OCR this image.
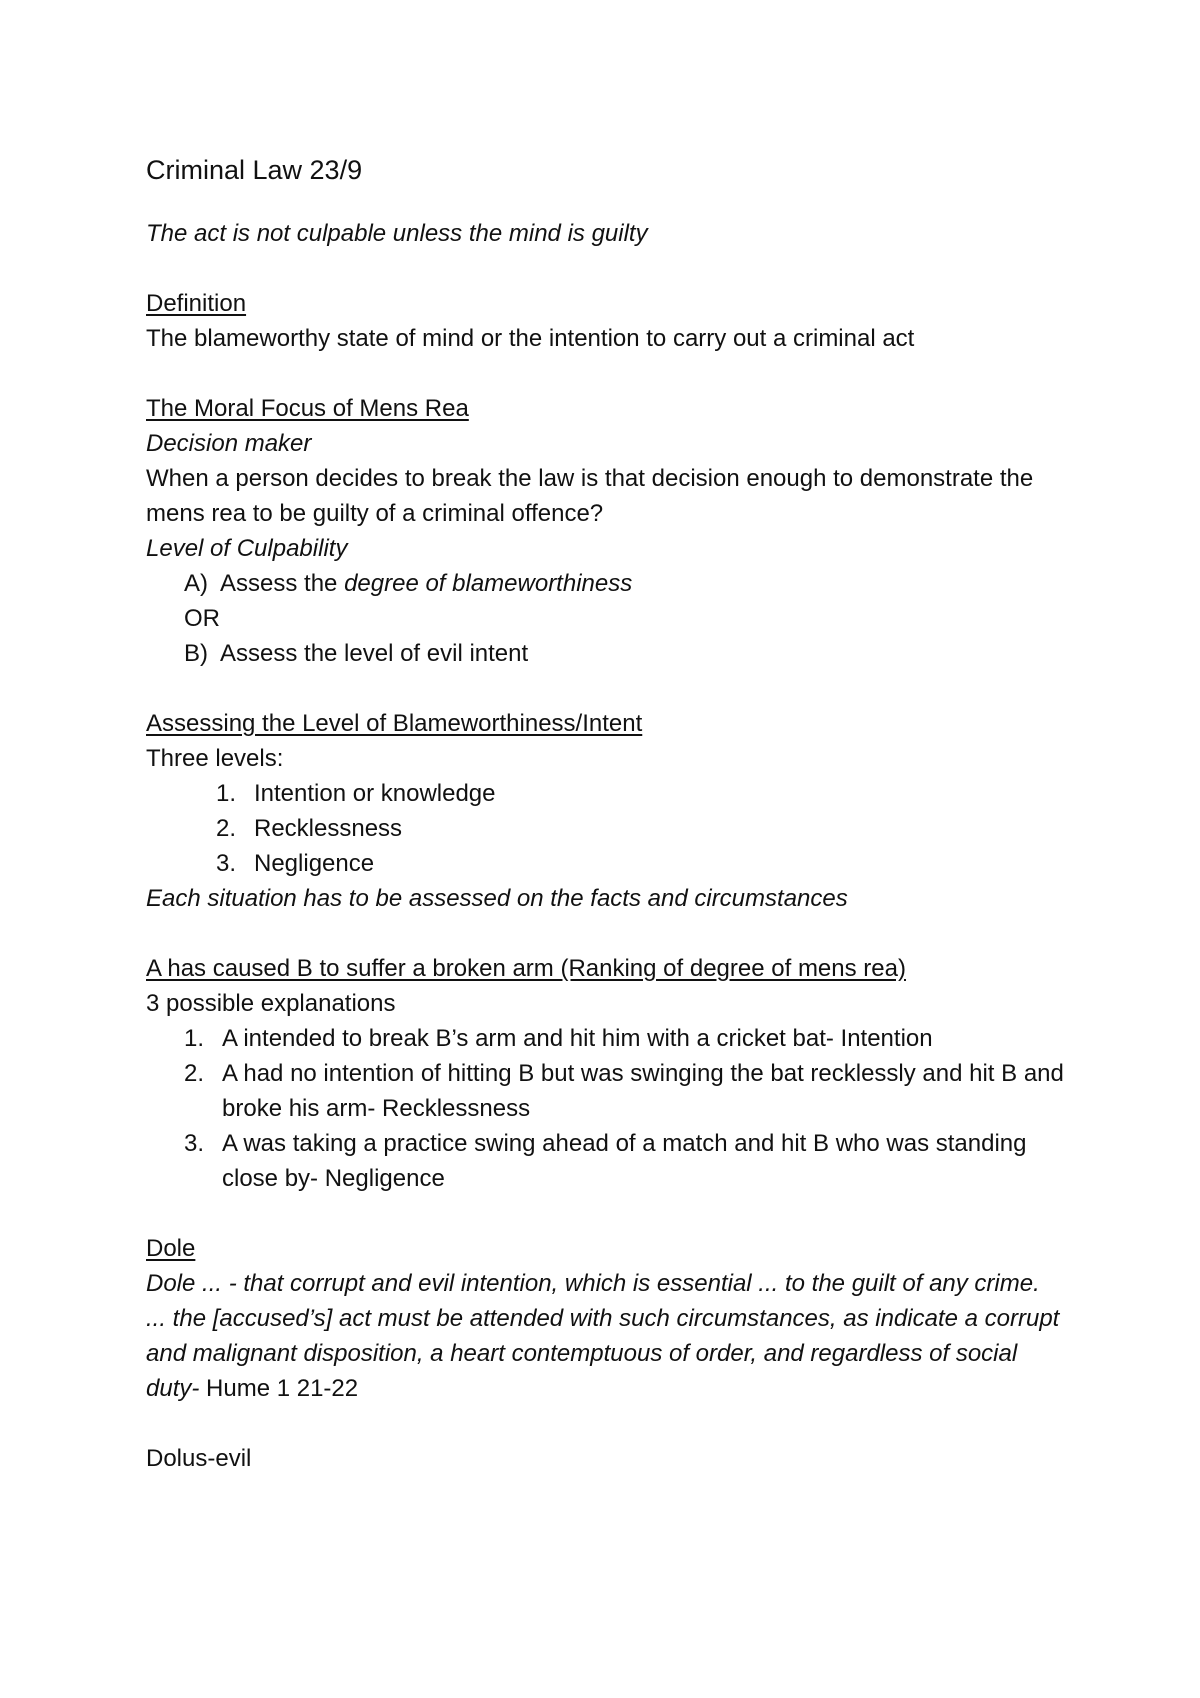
Criminal Law 23/9

The act is not culpable unless the mind is guilty

Definition

The blameworthy state of mind or the intention to carry out a criminal act

The Moral Focus of Mens Rea

Decision maker

When a person decides to break the law is that decision enough to demonstrate the mens rea to be guilty of a criminal offence?

Level of Culpability

A) Assess the degree of blameworthiness

OR

B) Assess the level of evil intent

Assessing the Level of Blameworthiness/Intent

Three levels:

1. Intention or knowledge
2. Recklessness
3. Negligence

Each situation has to be assessed on the facts and circumstances

A has caused B to suffer a broken arm (Ranking of degree of mens rea)

3 possible explanations

1. A intended to break B’s arm and hit him with a cricket bat- Intention
2. A had no intention of hitting B but was swinging the bat recklessly and hit B and broke his arm- Recklessness
3. A was taking a practice swing ahead of a match and hit B who was standing close by- Negligence

Dole

Dole ... - that corrupt and evil intention, which is essential ... to the guilt of any crime. ... the [accused’s] act must be attended with such circumstances, as indicate a corrupt and malignant disposition, a heart contemptuous of order, and regardless of social duty- Hume 1 21-22

Dolus-evil
